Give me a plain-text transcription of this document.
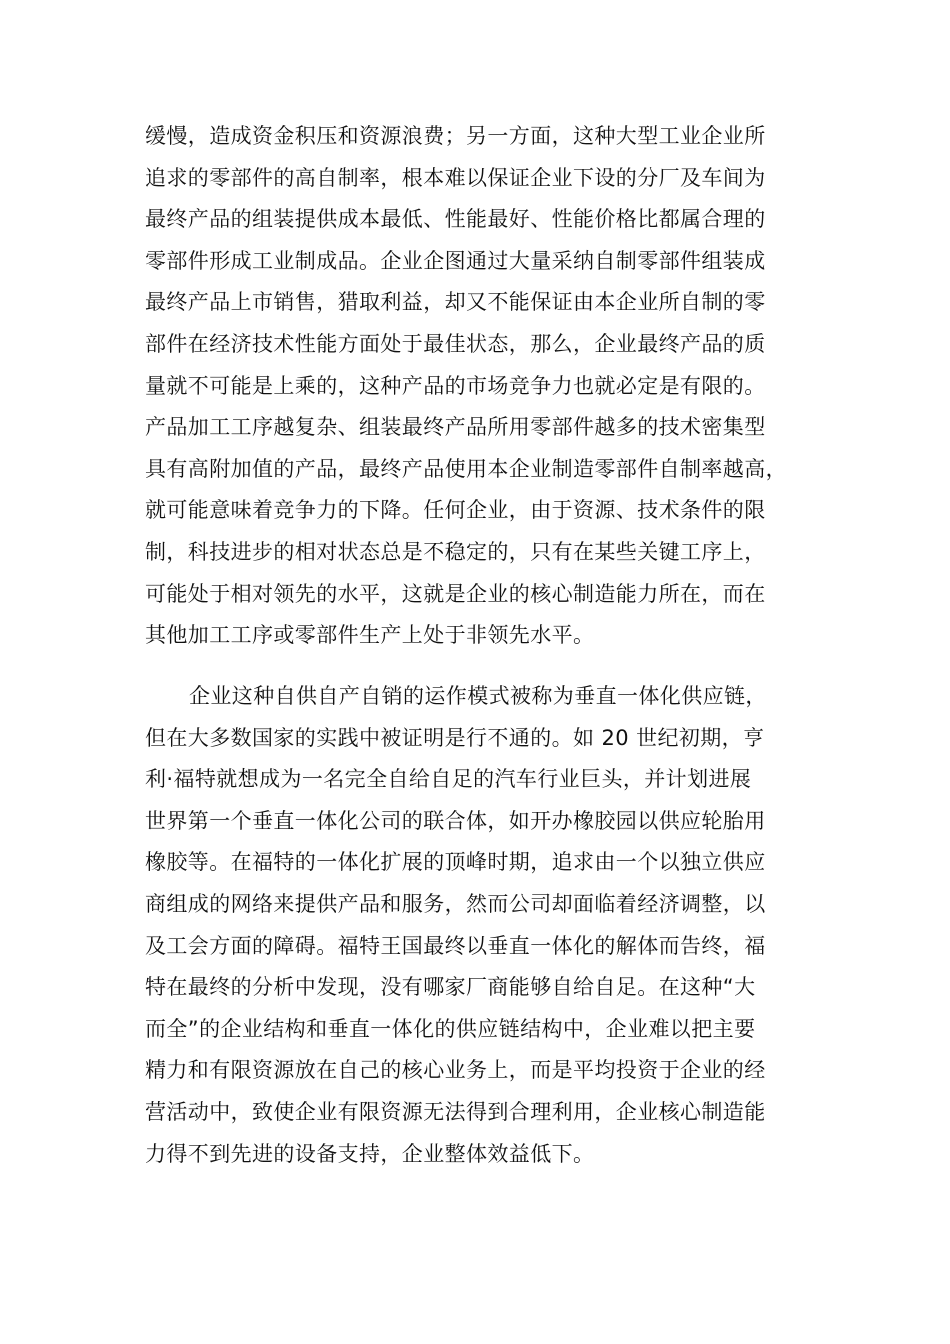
缓慢，造成资金积压和资源浪费；另一方面，这种大型工业企业所
追求的零部件的高自制率，根本难以保证企业下设的分厂及车间为
最终产品的组装提供成本最低、性能最好、性能价格比都属合理的
零部件形成工业制成品。企业企图通过大量采纳自制零部件组装成
最终产品上市销售，猎取利益，却又不能保证由本企业所自制的零
部件在经济技术性能方面处于最佳状态，那么，企业最终产品的质
量就不可能是上乘的，这种产品的市场竞争力也就必定是有限的。
产品加工工序越复杂、组装最终产品所用零部件越多的技术密集型
具有高附加值的产品，最终产品使用本企业制造零部件自制率越高，
就可能意味着竞争力的下降。任何企业，由于资源、技术条件的限
制，科技进步的相对状态总是不稳定的，只有在某些关键工序上，
可能处于相对领先的水平，这就是企业的核心制造能力所在，而在
其他加工工序或零部件生产上处于非领先水平。
企业这种自供自产自销的运作模式被称为垂直一体化供应链，
但在大多数国家的实践中被证明是行不通的。如 20 世纪初期，亨
利·福特就想成为一名完全自给自足的汽车行业巨头，并计划进展
世界第一个垂直一体化公司的联合体，如开办橡胶园以供应轮胎用
橡胶等。在福特的一体化扩展的顶峰时期，追求由一个以独立供应
商组成的网络来提供产品和服务，然而公司却面临着经济调整，以
及工会方面的障碍。福特王国最终以垂直一体化的解体而告终，福
特在最终的分析中发现，没有哪家厂商能够自给自足。在这种“大
而全”的企业结构和垂直一体化的供应链结构中，企业难以把主要
精力和有限资源放在自己的核心业务上，而是平均投资于企业的经
营活动中，致使企业有限资源无法得到合理利用，企业核心制造能
力得不到先进的设备支持，企业整体效益低下。
